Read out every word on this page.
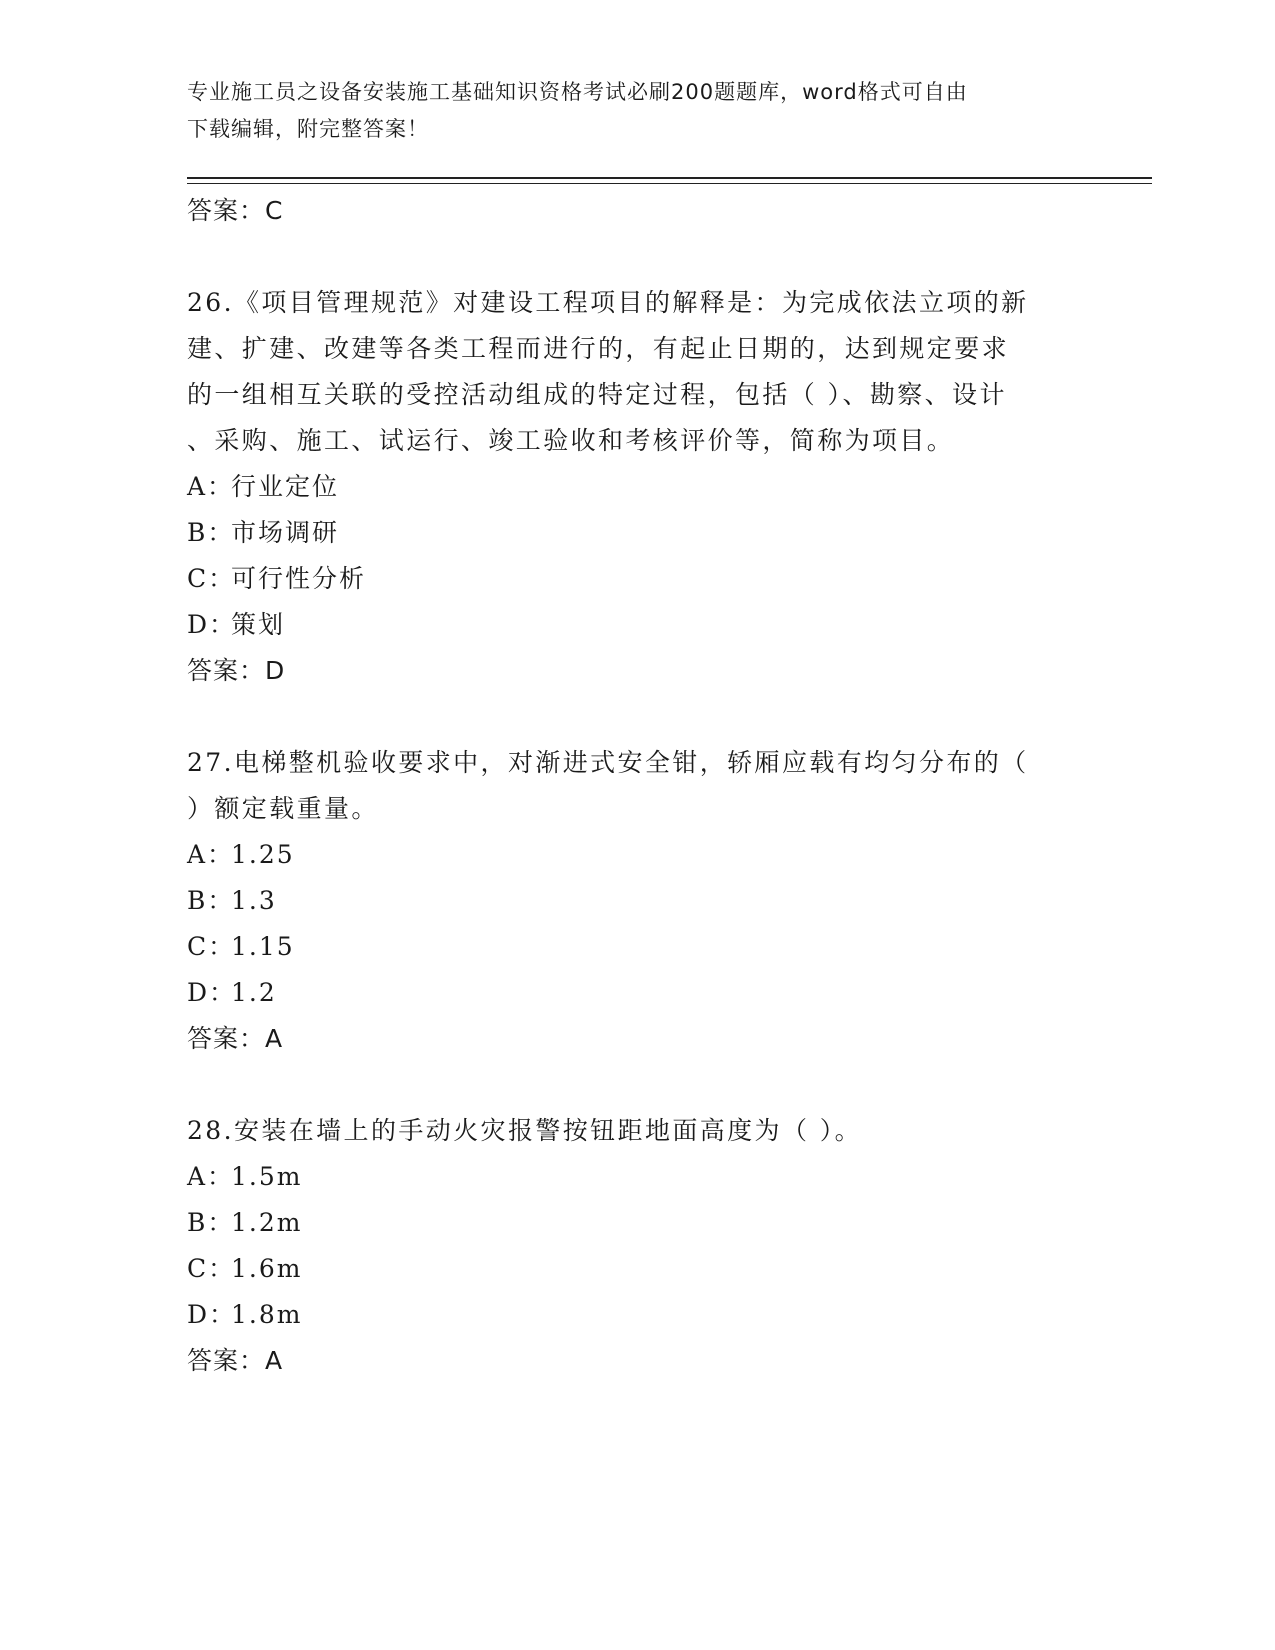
专业施工员之设备安装施工基础知识资格考试必刷200题题库，word格式可自由
下载编辑，附完整答案！
答案：C
26.《项目管理规范》对建设工程项目的解释是：为完成依法立项的新
建、扩建、改建等各类工程而进行的，有起止日期的，达到规定要求
的一组相互关联的受控活动组成的特定过程，包括（ ）、勘察、设计
、采购、施工、试运行、竣工验收和考核评价等，简称为项目。
A：行业定位
B：市场调研
C：可行性分析
D：策划
答案：D
27.电梯整机验收要求中，对渐进式安全钳，轿厢应载有均匀分布的（
）额定载重量。
A：1.25
B：1.3
C：1.15
D：1.2
答案：A
28.安装在墙上的手动火灾报警按钮距地面高度为（ ）。
A：1.5m
B：1.2m
C：1.6m
D：1.8m
答案：A
